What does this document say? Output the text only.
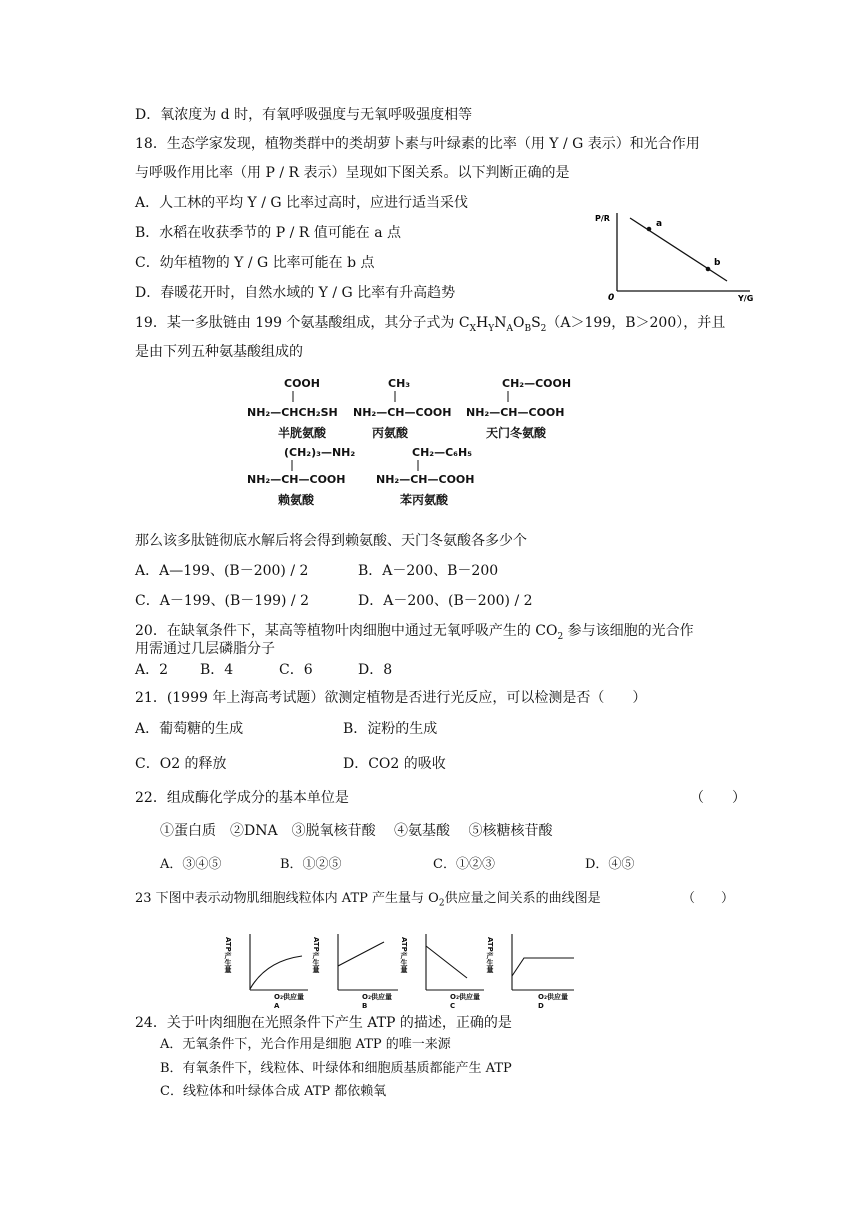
D．氧浓度为 d 时，有氧呼吸强度与无氧呼吸强度相等
18．生态学家发现，植物类群中的类胡萝卜素与叶绿素的比率（用 Y / G 表示）和光合作用
与呼吸作用比率（用 P / R 表示）呈现如下图关系。以下判断正确的是
A．人工林的平均 Y / G 比率过高时，应进行适当采伐
B．水稻在收获季节的 P / R 值可能在 a 点
C．幼年植物的 Y / G 比率可能在 b 点
D．春暖花开时，自然水域的 Y / G 比率有升高趋势
P/R
Y/G
0
a
b
19．某一多肽链由 199 个氨基酸组成，其分子式为 $C_XH_YN_AO_BS_2(A>199$，B＞200），并且
是由下列五种氨基酸组成的
COOH
NH₂—CHCH₂SH
半胱氨酸
CH₃
NH₂—CH—COOH
丙氨酸
CH₂—COOH
NH₂—CH—COOH
天门冬氨酸
(CH₂)₃—NH₂
NH₂—CH—COOH
赖氨酸
CH₂—C₆H₅
NH₂—CH—COOH
苯丙氨酸
那么该多肽链彻底水解后将会得到赖氨酸、天门冬氨酸各多少个
A．A—199、(B－200) / 2	B．A－200、B－200
C．A－199、(B－199) / 2	D．A－200、(B－200) / 2
20．在缺氧条件下，某高等植物叶肉细胞中通过无氧呼吸产生的 $CO_2$ 参与该细胞的光合作
用需通过几层磷脂分子
A．2 B．4	C．6	D．8
21．(1999 年上海高考试题）欲测定植物是否进行光反应，可以检测是否（　　）
A．葡萄糖的生成	B．淀粉的生成
C．O2 的释放	D．CO2 的吸收
22．组成酶化学成分的基本单位是	（　　）
①蛋白质　②DNA　③脱氧核苷酸　 ④氨基酸　 ⑤核糖核苷酸
A．③④⑤	B．①②⑤	C．①②③	D．④⑤
23 下图中表示动物肌细胞线粒体内 ATP 产生量与 $O_2$供应量之间关系的曲线图是	（　　）
ATP产生量	ATP产生量	ATP产生量	ATP产生量
O₂供应量	O₂供应量	O₂供应量	O₂供应量
A	B	C	D
24．关于叶肉细胞在光照条件下产生 ATP 的描述，正确的是
A．无氧条件下，光合作用是细胞 ATP 的唯一来源
B．有氧条件下，线粒体、叶绿体和细胞质基质都能产生 ATP
C．线粒体和叶绿体合成 ATP 都依赖氧
